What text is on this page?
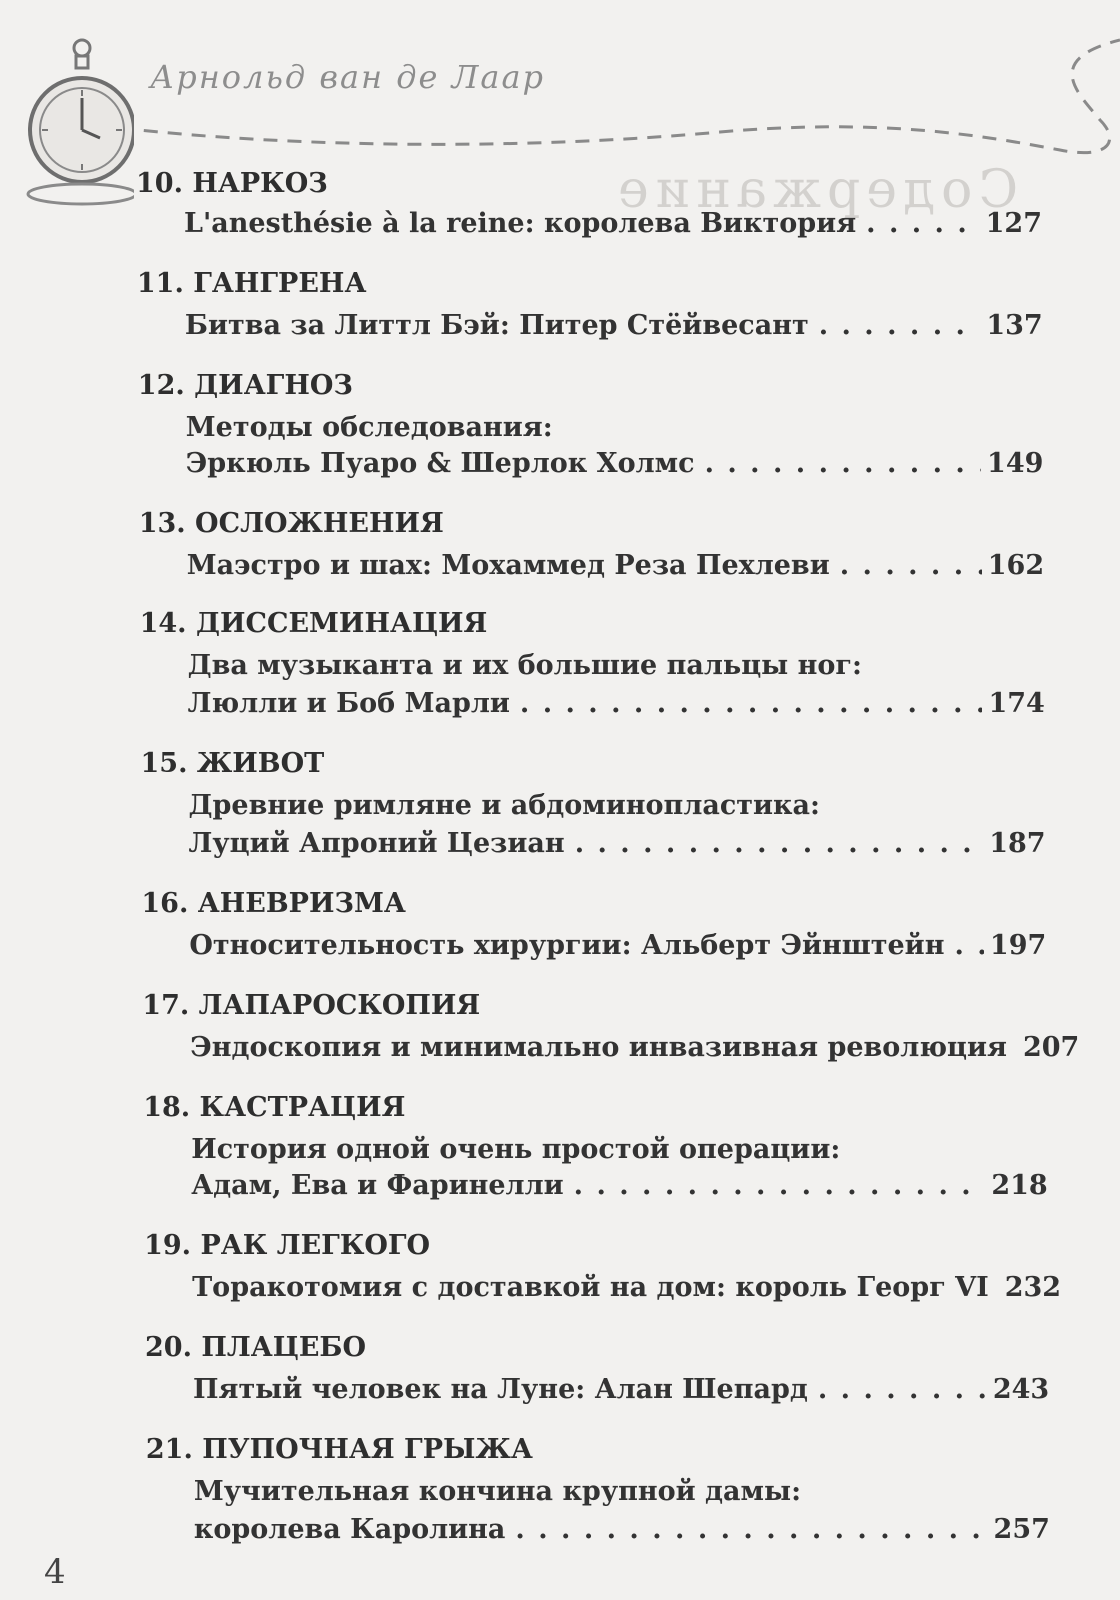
Арнольд ван де Лаар
Содержание
10. НАРКОЗ
L'anesthésie à la reine: королева Виктория . . .	127
11. ГАНГРЕНА
Битва за Литтл Бэй: Питер Стёйвесант . . .	137
12. ДИАГНОЗ
Методы обследования:
Эркюль Пуаро & Шерлок Холмс . . .	149
13. ОСЛОЖНЕНИЯ
Маэстро и шах: Мохаммед Реза Пехлеви . . .	162
14. ДИССЕМИНАЦИЯ
Два музыканта и их большие пальцы ног:
Люлли и Боб Марли . . .	174
15. ЖИВОТ
Древние римляне и абдоминопластика:
Луций Апроний Цезиан . . .	187
16. АНЕВРИЗМА
Относительность хирургии: Альберт Эйнштейн . . . 197
17. ЛАПАРОСКОПИЯ
Эндоскопия и минимально инвазивная революция 207
18. КАСТРАЦИЯ
История одной очень простой операции:
Адам, Ева и Фаринелли . . .	218
19. РАК ЛЕГКОГО
Торакотомия с доставкой на дом: король Георг VI 232
20. ПЛАЦЕБО
Пятый человек на Луне: Алан Шепард . . .	243
21. ПУПОЧНАЯ ГРЫЖА
Мучительная кончина крупной дамы:
королева Каролина . . .	257
4
